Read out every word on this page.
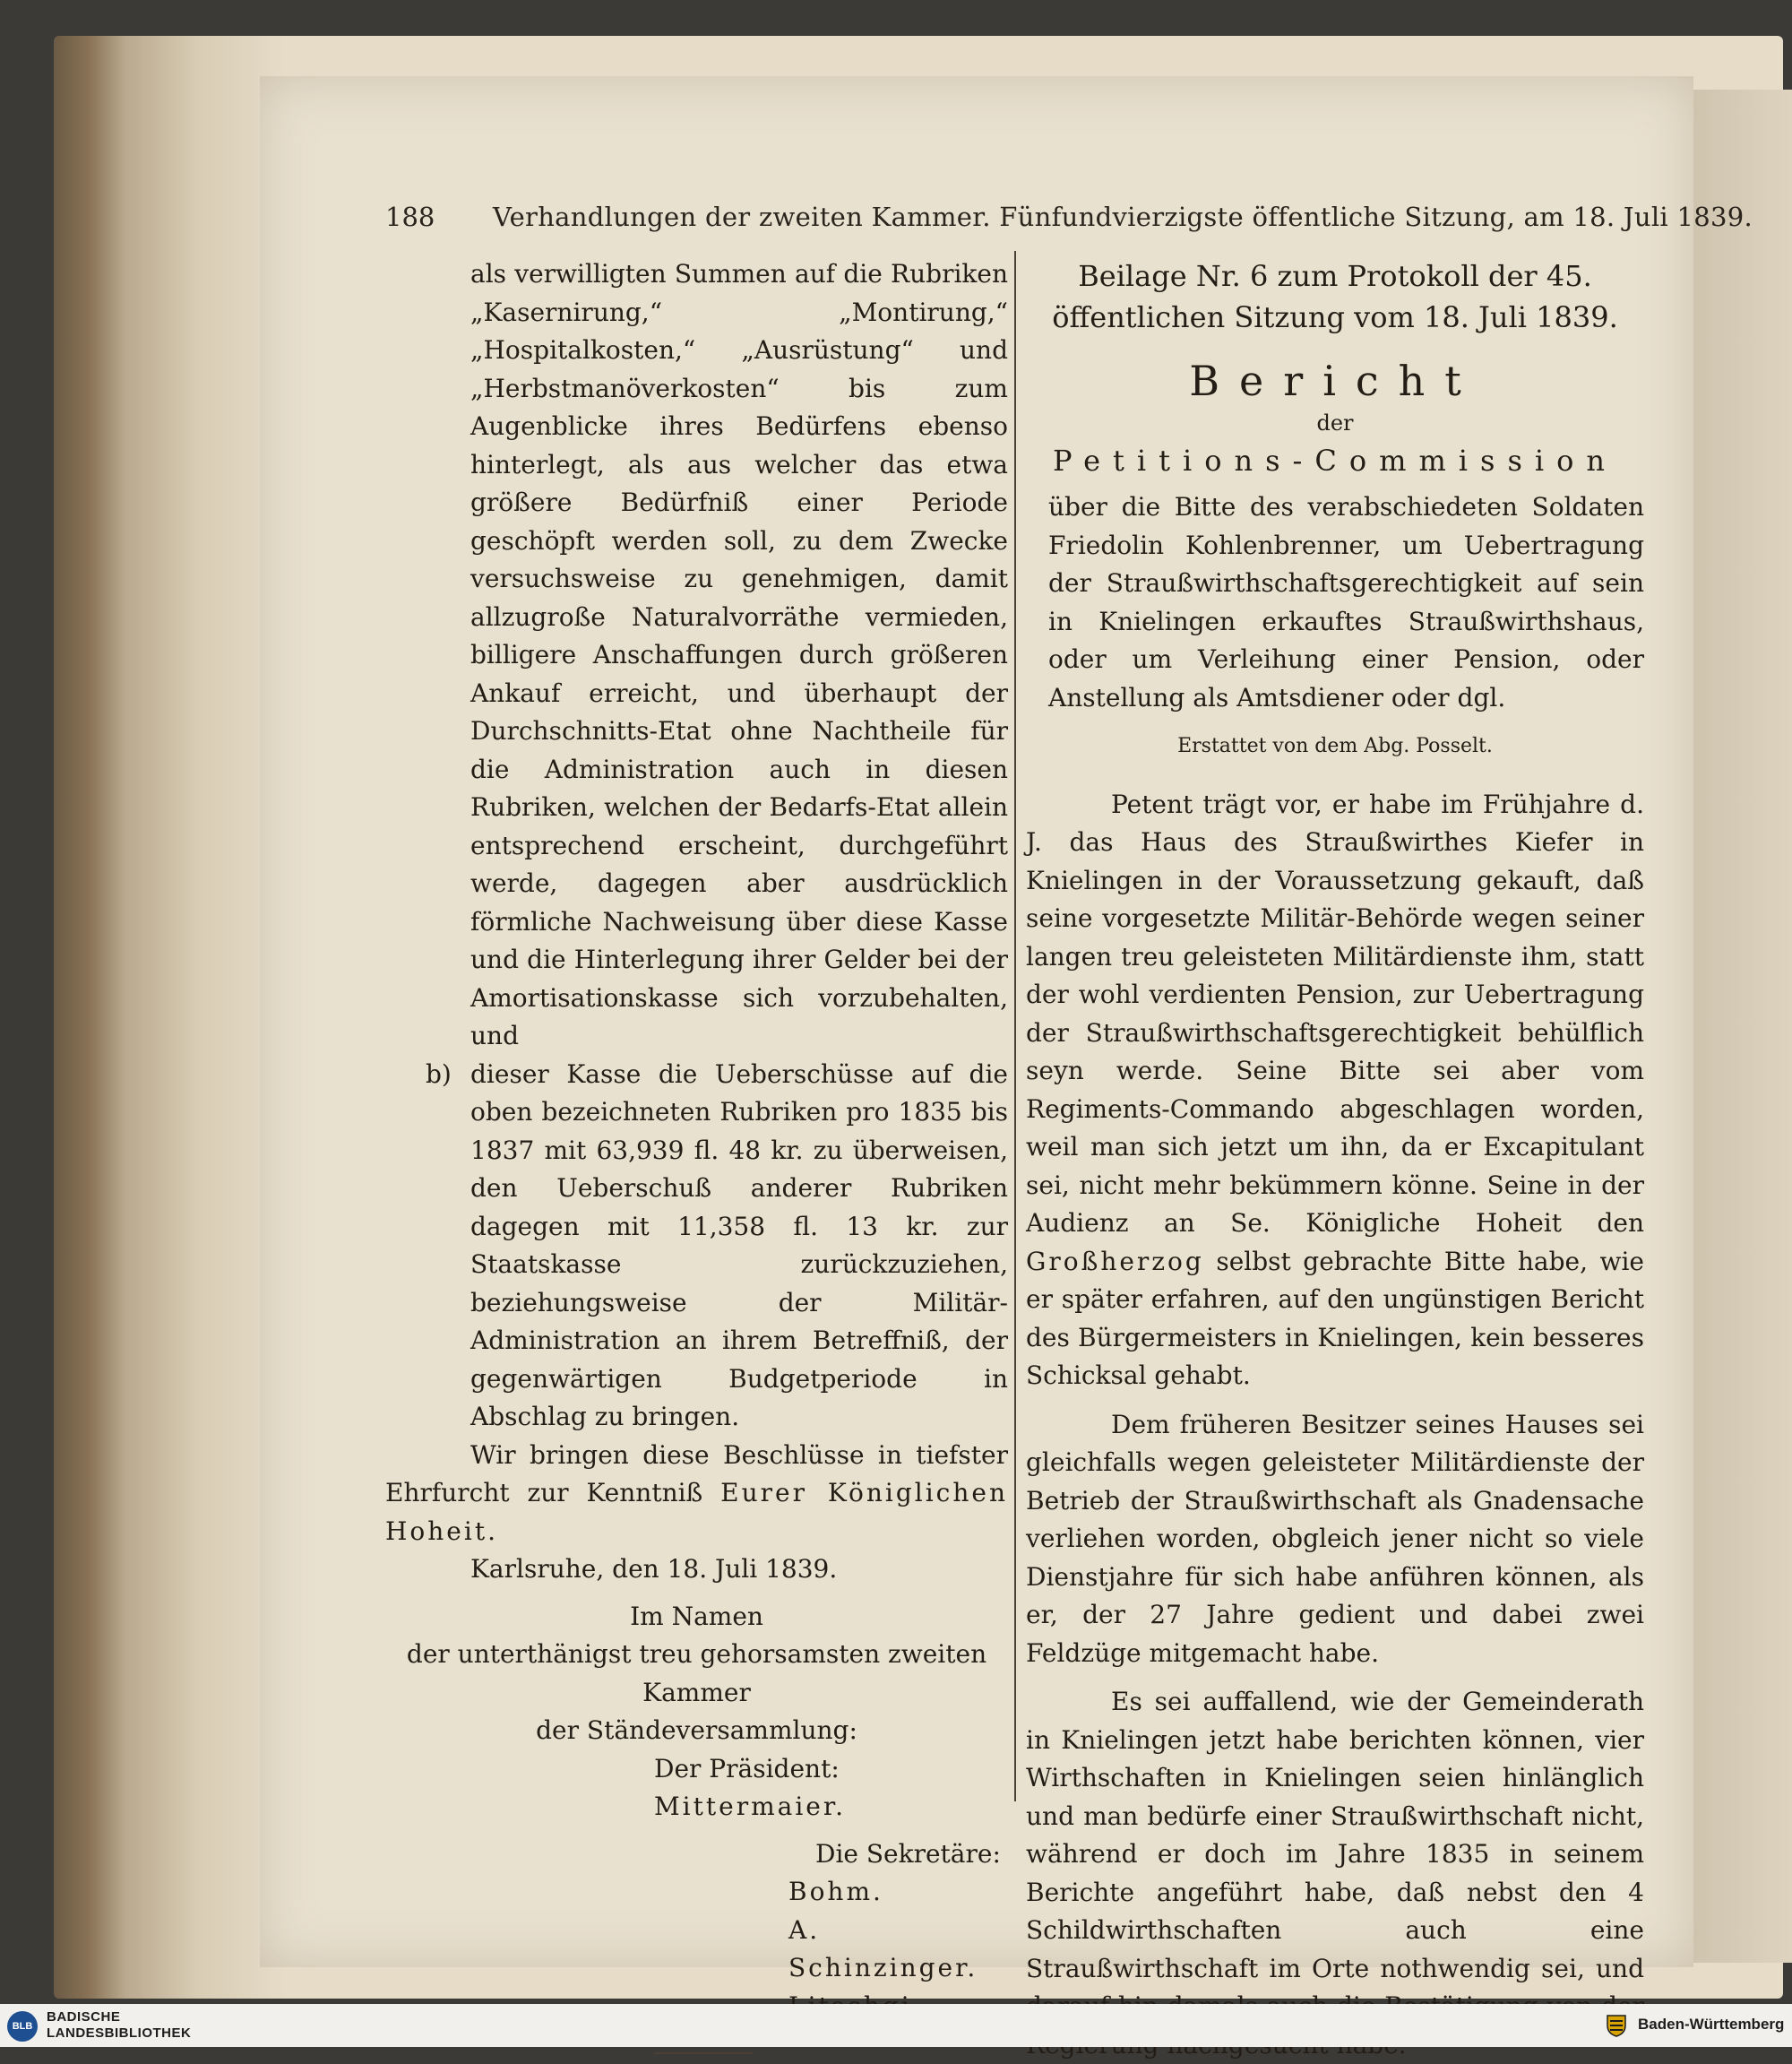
188 Verhandlungen der zweiten Kammer. Fünfundvierzigste öffentliche Sitzung, am 18. Juli 1839.

als verwilligten Summen auf die Rubriken „Kasernirung,“ „Montirung,“ „Hospitalkosten,“ „Ausrüstung“ und „Herbstmanöverkosten“ bis zum Augenblicke ihres Bedürfens ebenso hinterlegt, als aus welcher das etwa größere Bedürfniß einer Periode geschöpft werden soll, zu dem Zwecke versuchsweise zu genehmigen, damit allzugroße Naturalvorräthe vermieden, billigere Anschaffungen durch größeren Ankauf erreicht, und überhaupt der Durchschnitts-Etat ohne Nachtheile für die Administration auch in diesen Rubriken, welchen der Bedarfs-Etat allein entsprechend erscheint, durchgeführt werde, dagegen aber ausdrücklich förmliche Nachweisung über diese Kasse und die Hinterlegung ihrer Gelder bei der Amortisationskasse sich vorzubehalten, und

b) dieser Kasse die Ueberschüsse auf die oben bezeichneten Rubriken pro 1835 bis 1837 mit 63,939 fl. 48 kr. zu überweisen, den Ueberschuß anderer Rubriken dagegen mit 11,358 fl. 13 kr. zur Staatskasse zurückzuziehen, beziehungsweise der Militär-Administration an ihrem Betreffniß, der gegenwärtigen Budgetperiode in Abschlag zu bringen.

Wir bringen diese Beschlüsse in tiefster Ehrfurcht zur Kenntniß Eurer Königlichen Hoheit.

Karlsruhe, den 18. Juli 1839.

Im Namen
der unterthänigst treu gehorsamsten zweiten Kammer
der Ständeversammlung:
Der Präsident:
Mittermaier.
Die Sekretäre:
Bohm.
A. Schinzinger.
Beilage Nr. 6 zum Protokoll der 45. öffentlichen Sitzung vom 18. Juli 1839.
Bericht
der
Petitions-Commission

über die Bitte des verabschiedeten Soldaten Friedolin Kohlenbrenner, um Uebertragung der Straußwirthschaftsgerechtigkeit auf sein in Knielingen erkauftes Straußwirthshaus, oder um Verleihung einer Pension, oder Anstellung als Amtsdiener oder dgl.

Erstattet von dem Abg. Posselt.

Petent trägt vor, er habe im Frühjahre d. J. das Haus des Straußwirthes Kiefer in Knielingen in der Voraussetzung gekauft, daß seine vorgesetzte Militär-Behörde wegen seiner langen treu geleisteten Militärdienste ihm, statt der wohl verdienten Pension, zur Uebertragung der Straußwirthschaftsgerechtigkeit behülflich seyn werde. Seine Bitte sei aber vom Regiments-Commando abgeschlagen worden, weil man sich jetzt um ihn, da er Excapitulant sei, nicht mehr bekümmern könne. Seine in der Audienz an Se. Königliche Hoheit den Großherzog selbst gebrachte Bitte habe, wie er später erfahren, auf den ungünstigen Bericht des Bürgermeisters in Knielingen, kein besseres Schicksal gehabt.

Dem früheren Besitzer seines Hauses sei gleichfalls wegen geleisteter Militärdienste der Betrieb der Straußwirthschaft als Gnadensache verliehen worden, obgleich jener nicht so viele Dienstjahre für sich habe anführen können, als er, der 27 Jahre gedient und dabei zwei Feldzüge mitgemacht habe.

Es sei auffallend, wie der Gemeinderath in Knielingen jetzt habe berichten können, vier Wirthschaften in Knielingen seien hinlänglich und man bedürfe einer Straußwirthschaft nicht, während er doch im Jahre 1835 in seinem Berichte angeführt habe, daß nebst den 4 Schildwirthschaften auch eine Straußwirthschaft im Orte nothwendig sei, und

BLB
BADISCHE
LANDESBIBLIOTHEK
Baden-Württemberg
